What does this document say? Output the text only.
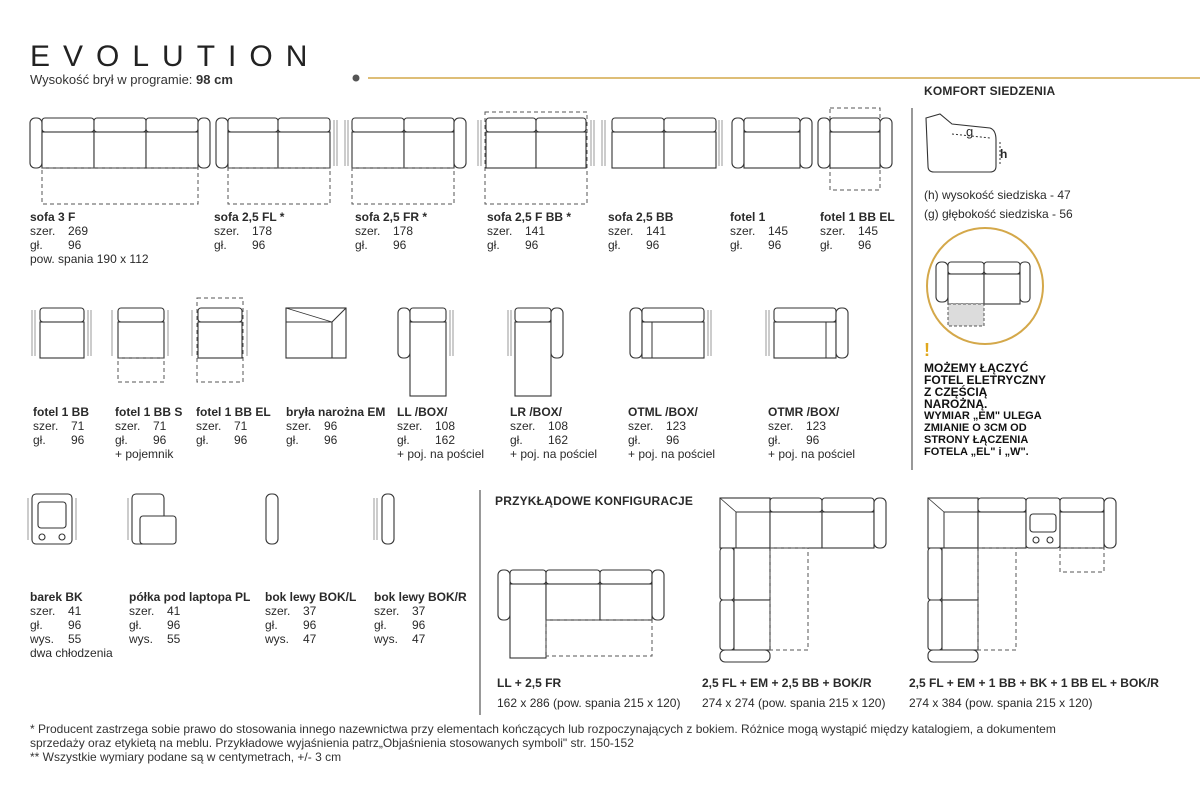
EVOLUTION
Wysokość brył w programie: 98 cm
KOMFORT SIEDZENIA
g
h
(h) wysokość siedziska - 47
(g) głębokość siedziska - 56
!
MOŻEMY ŁĄCZYĆ
FOTEL ELETRYCZNY
Z CZĘŚCIĄ
NAROŻNĄ.
WYMIAR „EM" ULEGA
ZMIANIE O 3CM OD
STRONY ŁĄCZENIA
FOTELA „EL" i „W".
sofa 3 F
szer. 269
gł. 96
pow. spania 190 x 112
sofa 2,5 FL *
szer. 178
gł. 96
sofa 2,5 FR *
szer. 178
gł. 96
sofa 2,5 F BB *
szer. 141
gł. 96
sofa 2,5 BB
szer. 141
gł. 96
fotel 1
szer. 145
gł. 96
fotel 1 BB EL
szer. 145
gł. 96
fotel 1 BB
szer. 71
gł. 96
fotel 1 BB S
szer. 71
gł. 96
+ pojemnik
fotel 1 BB EL
szer. 71
gł. 96
bryła narożna EM
szer. 96
gł. 96
LL /BOX/
szer. 108
gł. 162
+ poj. na pościel
LR /BOX/
szer. 108
gł. 162
+ poj. na pościel
OTML /BOX/
szer. 123
gł. 96
+ poj. na pościel
OTMR /BOX/
szer. 123
gł. 96
+ poj. na pościel
barek BK
szer. 41
gł. 96
wys. 55
dwa chłodzenia
półka pod laptopa PL
szer. 41
gł. 96
wys. 55
bok lewy BOK/L
szer. 37
gł. 96
wys. 47
bok lewy BOK/R
szer. 37
gł. 96
wys. 47
PRZYKŁĄDOWE KONFIGURACJE
LL + 2,5 FR
162 x 286 (pow. spania 215 x 120)
2,5 FL + EM + 2,5 BB + BOK/R
274 x 274 (pow. spania 215 x 120)
2,5 FL + EM + 1 BB + BK + 1 BB EL + BOK/R
274 x 384 (pow. spania 215 x 120)
* Producent zastrzega sobie prawo do stosowania innego nazewnictwa przy elementach kończących lub rozpoczynających z bokiem. Różnice mogą wystąpić między katalogiem, a dokumentem
sprzedaży oraz etykietą na meblu. Przykładowe wyjaśnienia patrz„Objaśnienia stosowanych symboli" str. 150-152
** Wszystkie wymiary podane są w centymetrach, +/- 3 cm
